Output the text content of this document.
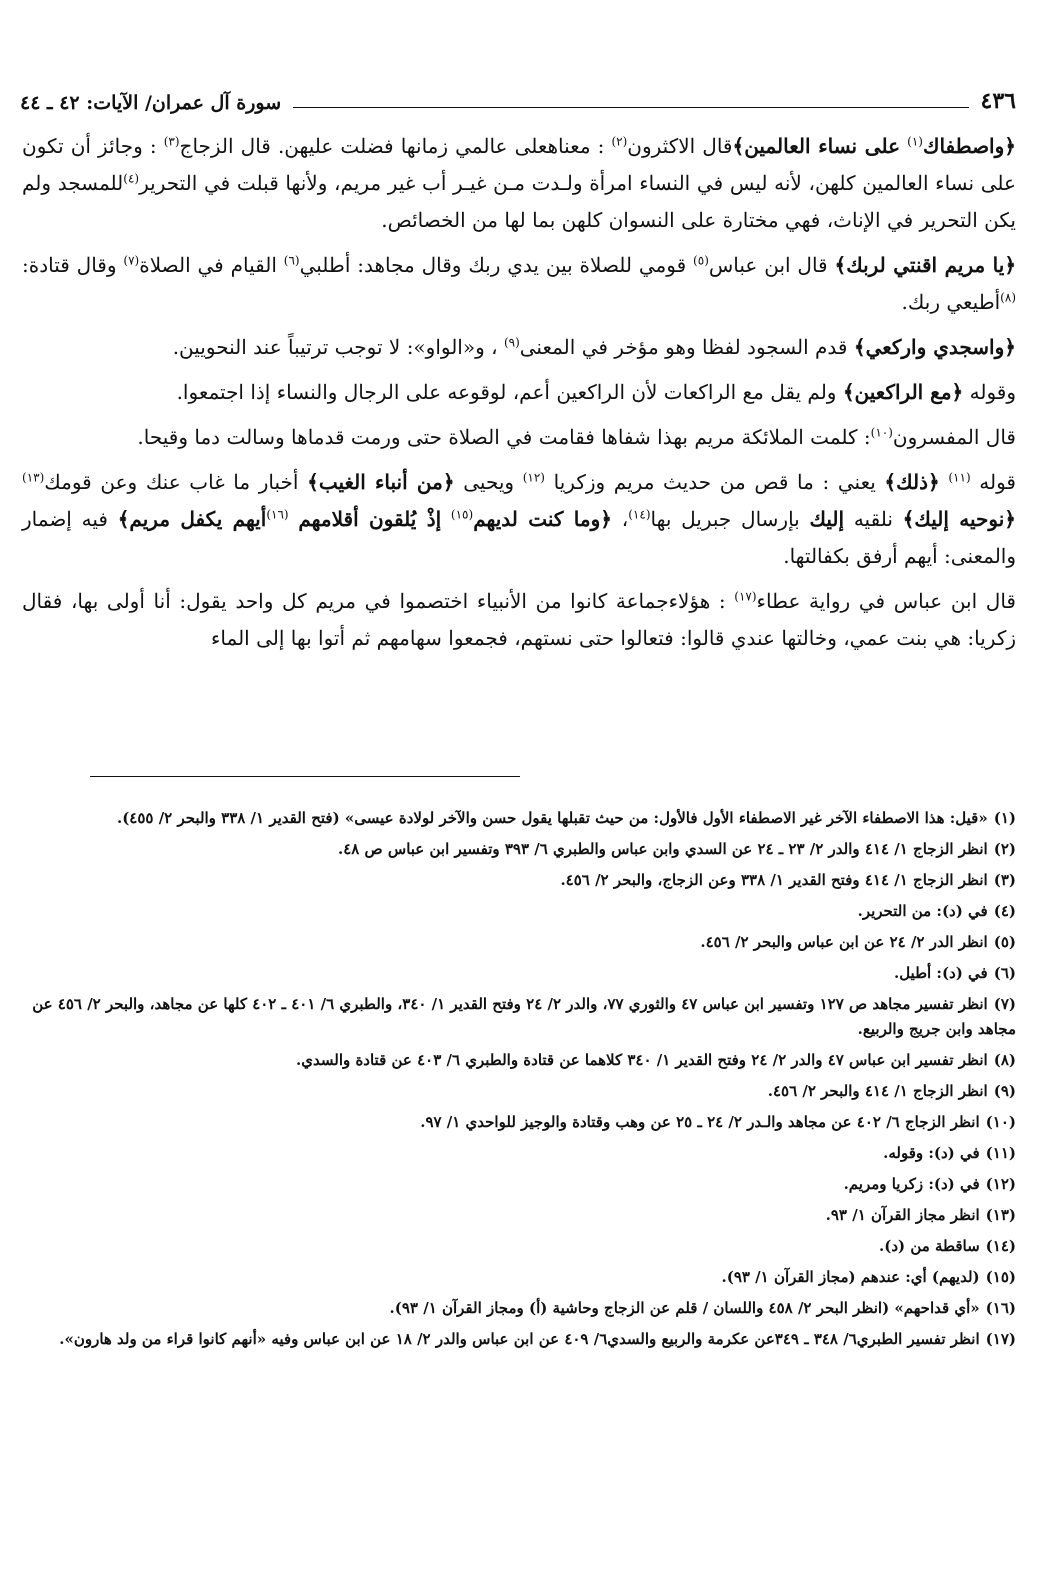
٤٣٦
سورة آل عمران/ الآيات: ٤٢ ـ ٤٤

﴿واصطفاك$^{(١)}$ على نساء العالمين﴾قال الاكثرون$^{(٢)}$ : معناهعلى عالمي زمانها فضلت عليهن. قال الزجاج$^{(٣)}$ : وجائز أن تكون على نساء العالمين كلهن، لأنه ليس في النساء امرأة ولـدت مـن غيـر أب غير مريم، ولأنها قبلت في التحرير$^{(٤)}$للمسجد ولم يكن التحرير في الإناث، فهي مختارة على النسوان كلهن بما لها من الخصائص.

﴿يا مريم اقنتي لربك﴾ قال ابن عباس$^{(٥)}$ قومي للصلاة بين يدي ربك وقال مجاهد: أطلبي$^{(٦)}$ القيام في الصلاة$^{(٧)}$ وقال قتادة: $^{(٨)}$أطيعي ربك.

﴿واسجدي واركعي﴾ قدم السجود لفظا وهو مؤخر في المعنى$^{(٩)}$ ، و«الواو»: لا توجب ترتيباً عند النحويين.

وقوله ﴿مع الراكعين﴾ ولم يقل مع الراكعات لأن الراكعين أعم، لوقوعه على الرجال والنساء إذا اجتمعوا.

قال المفسرون$^{(١٠)}$: كلمت الملائكة مريم بهذا شفاها فقامت في الصلاة حتى ورمت قدماها وسالت دما وقيحا.

قوله $^{(١١)}$ ﴿ذلك﴾ يعني : ما قص من حديث مريم وزكريا $^{(١٢)}$ ويحيى ﴿من أنباء الغيب﴾ أخبار ما غاب عنك وعن قومك$^{(١٣)}$ ﴿نوحيه إليك﴾ نلقيه إليك بإرسال جبريل بها$^{(١٤)}$، ﴿وما كنت لديهم$^{(١٥)}$ إذْ يُلقون أقلامهم $^{(١٦)}$أيهم يكفل مريم﴾ فيه إضمار والمعنى: أيهم أرفق بكفالتها.

قال ابن عباس في رواية عطاء$^{(١٧)}$ : هؤلاءجماعة كانوا من الأنبياء اختصموا في مريم كل واحد يقول: أنا أولى بها، فقال زكريا: هي بنت عمي، وخالتها عندي قالوا: فتعالوا حتى نستهم، فجمعوا سهامهم ثم أتوا بها إلى الماء

(١)«قيل: هذا الاصطفاء الآخر غير الاصطفاء الأول فالأول: من حيث تقبلها يقول حسن والآخر لولادة عيسى» (فتح القدير ١/ ٣٣٨ والبحر ٢/ ٤٥٥).
(٢)انظر الزجاج ١/ ٤١٤ والدر ٢/ ٢٣ ـ ٢٤ عن السدي وابن عباس والطبري ٦/ ٣٩٣ وتفسير ابن عباس ص ٤٨.
(٣)انظر الزجاج ١/ ٤١٤ وفتح القدير ١/ ٣٣٨ وعن الزجاج، والبحر ٢/ ٤٥٦.
(٤)في (د): من التحرير.
(٥)انظر الدر ٢/ ٢٤ عن ابن عباس والبحر ٢/ ٤٥٦.
(٦)في (د): أطيل.
(٧)انظر تفسير مجاهد ص ١٢٧ وتفسير ابن عباس ٤٧ والثوري ٧٧، والدر ٢/ ٢٤ وفتح القدير ١/ ٣٤٠، والطبري ٦/ ٤٠١ ـ ٤٠٢ كلها عن مجاهد، والبحر ٢/ ٤٥٦ عن مجاهد وابن جريج والربيع.
(٨)انظر تفسير ابن عباس ٤٧ والدر ٢/ ٢٤ وفتح القدير ١/ ٣٤٠ كلاهما عن قتادة والطبري ٦/ ٤٠٣ عن قتادة والسدي.
(٩)انظر الزجاج ١/ ٤١٤ والبحر ٢/ ٤٥٦.
(١٠)انظر الزجاج ٦/ ٤٠٢ عن مجاهد والـدر ٢/ ٢٤ ـ ٢٥ عن وهب وقتادة والوجيز للواحدي ١/ ٩٧.
(١١)في (د): وقوله.
(١٢)في (د): زكريا ومريم.
(١٣)انظر مجاز القرآن ١/ ٩٣.
(١٤)ساقطة من (د).
(١٥)(لديهم) أي: عندهم (مجاز القرآن ١/ ٩٣).
(١٦)«أي قداحهم» (انظر البحر ٢/ ٤٥٨ واللسان / قلم عن الزجاج وحاشية (أ) ومجاز القرآن ١/ ٩٣).
(١٧)انظر تفسير الطبري٦/ ٣٤٨ ـ ٣٤٩عن عكرمة والربيع والسدي٦/ ٤٠٩ عن ابن عباس والدر ٢/ ١٨ عن ابن عباس وفيه «أنهم كانوا قراء من ولد هارون».
